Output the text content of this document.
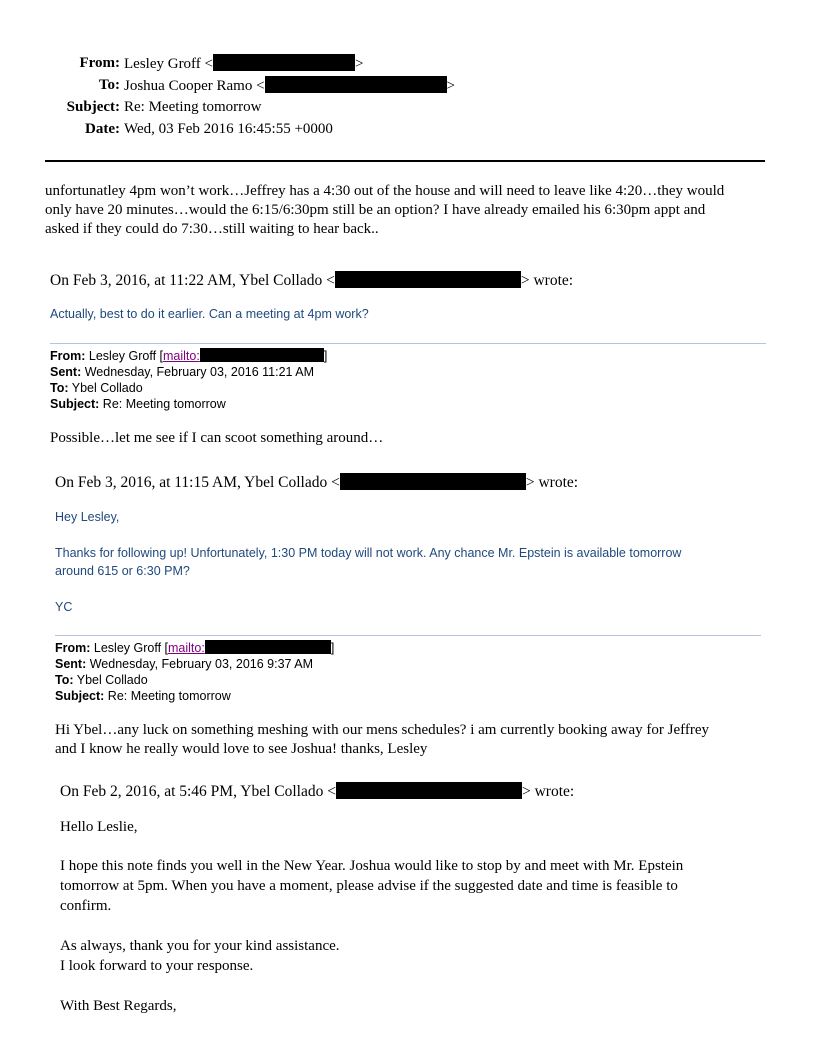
From: Lesley Groff <	>
To: Joshua Cooper Ramo <	>
Subject: Re: Meeting tomorrow
Date: Wed, 03 Feb 2016 16:45:55 +0000
unfortunatley 4pm won’t work…Jeffrey has a 4:30 out of the house and will need to leave like 4:20…they would
only have 20 minutes…would the 6:15/6:30pm still be an option? I have already emailed his 6:30pm appt and
asked if they could do 7:30…still waiting to hear back..
On Feb 3, 2016, at 11:22 AM, Ybel Collado <	> wrote:
Actually, best to do it earlier. Can a meeting at 4pm work?
From: Lesley Groff [mailto:	]
Sent: Wednesday, February 03, 2016 11:21 AM
To: Ybel Collado
Subject: Re: Meeting tomorrow
Possible…let me see if I can scoot something around…
On Feb 3, 2016, at 11:15 AM, Ybel Collado <	> wrote:
Hey Lesley,
Thanks for following up! Unfortunately, 1:30 PM today will not work. Any chance Mr. Epstein is available tomorrow
around 615 or 6:30 PM?
YC
From: Lesley Groff [mailto:	]
Sent: Wednesday, February 03, 2016 9:37 AM
To: Ybel Collado
Subject: Re: Meeting tomorrow
Hi Ybel…any luck on something meshing with our mens schedules? i am currently booking away for Jeffrey
and I know he really would love to see Joshua! thanks, Lesley
On Feb 2, 2016, at 5:46 PM, Ybel Collado <	> wrote:
Hello Leslie,
I hope this note finds you well in the New Year. Joshua would like to stop by and meet with Mr. Epstein
tomorrow at 5pm. When you have a moment, please advise if the suggested date and time is feasible to
confirm.
As always, thank you for your kind assistance.
I look forward to your response.
With Best Regards,
